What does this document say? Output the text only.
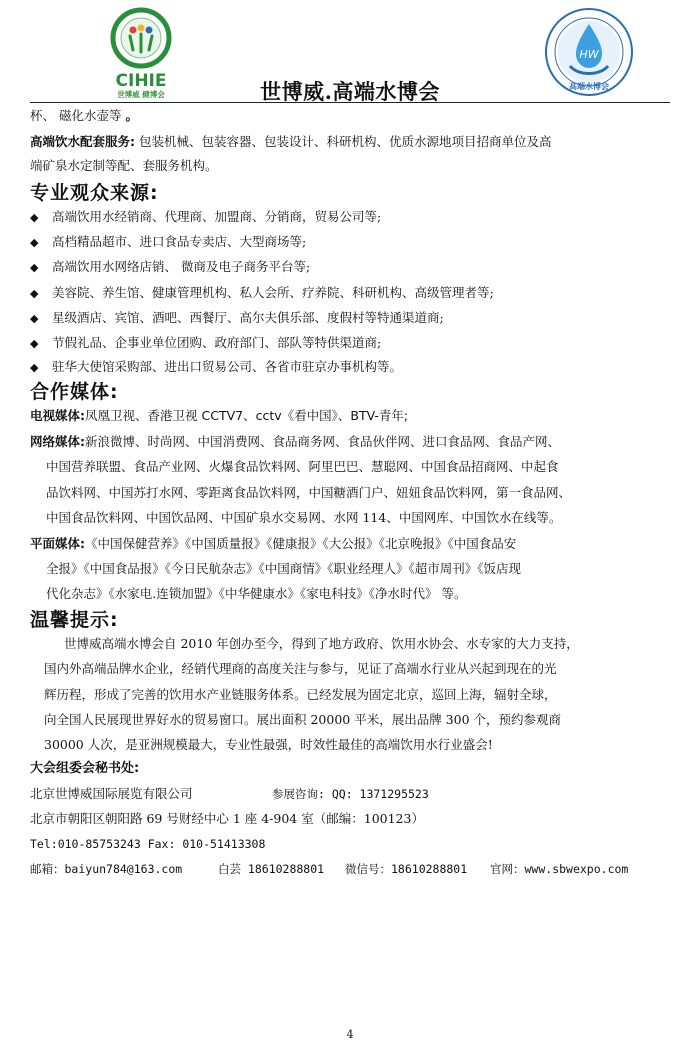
CIHIE
世博威 健博会
HW
高端水博会
世博威.高端水博会
杯、 磁化水壶等 。
高端饮水配套服务: 包装机械、包装容器、包装设计、科研机构、优质水源地项目招商单位及高
端矿泉水定制等配、套服务机构。
专业观众来源:
◆ 高端饮用水经销商、代理商、加盟商、分销商，贸易公司等;
◆ 高档精品超市、进口食品专卖店、大型商场等;
◆ 高端饮用水网络店销、 微商及电子商务平台等;
◆ 美容院、养生馆、健康管理机构、私人会所、疗养院、科研机构、高级管理者等;
◆ 星级酒店、宾馆、酒吧、西餐厅、高尔夫俱乐部、度假村等特通渠道商;
◆ 节假礼品、企事业单位团购、政府部门、部队等特供渠道商;
◆ 驻华大使馆采购部、进出口贸易公司、各省市驻京办事机构等。
合作媒体:
电视媒体:凤凰卫视、香港卫视 CCTV7、cctv《看中国》、BTV-青年;
网络媒体:新浪微博、时尚网、中国消费网、食品商务网、食品伙伴网、进口食品网、食品产网、
中国营养联盟、食品产业网、火爆食品饮料网、阿里巴巴、慧聪网、中国食品招商网、中起食
品饮料网、中国苏打水网、零距离食品饮料网，中国糖酒门户、妞妞食品饮料网，第一食品网、
中国食品饮料网、中国饮品网、中国矿泉水交易网、水网 114、中国网库、中国饮水在线等。
平面媒体:《中国保健营养》《中国质量报》《健康报》《大公报》《北京晚报》《中国食品安
全报》《中国食品报》《今日民航杂志》《中国商情》《职业经理人》《超市周刊》《饭店现
代化杂志》《水家电.连锁加盟》《中华健康水》《家电科技》《净水时代》 等。
温馨提示:
世博威高端水博会自 2010 年创办至今，得到了地方政府、饮用水协会、水专家的大力支持，
国内外高端品牌水企业，经销代理商的高度关注与参与，见证了高端水行业从兴起到现在的光
辉历程，形成了完善的饮用水产业链服务体系。已经发展为固定北京，巡回上海，辐射全球，
向全国人民展现世界好水的贸易窗口。展出面积 20000 平米，展出品牌 300 个，预约参观商
30000 人次，是亚洲规模最大，专业性最强，时效性最佳的高端饮用水行业盛会!
大会组委会秘书处:
北京世博威国际展览有限公司	参展咨询: QQ: 1371295523
北京市朝阳区朝阳路 69 号财经中心 1 座 4-904 室（邮编：100123）
Tel:010-85753243 Fax: 010-51413308
邮箱：baiyun784@163.com	白芸 18610288801 微信号：18610288801 官网：www.sbwexpo.com
4
